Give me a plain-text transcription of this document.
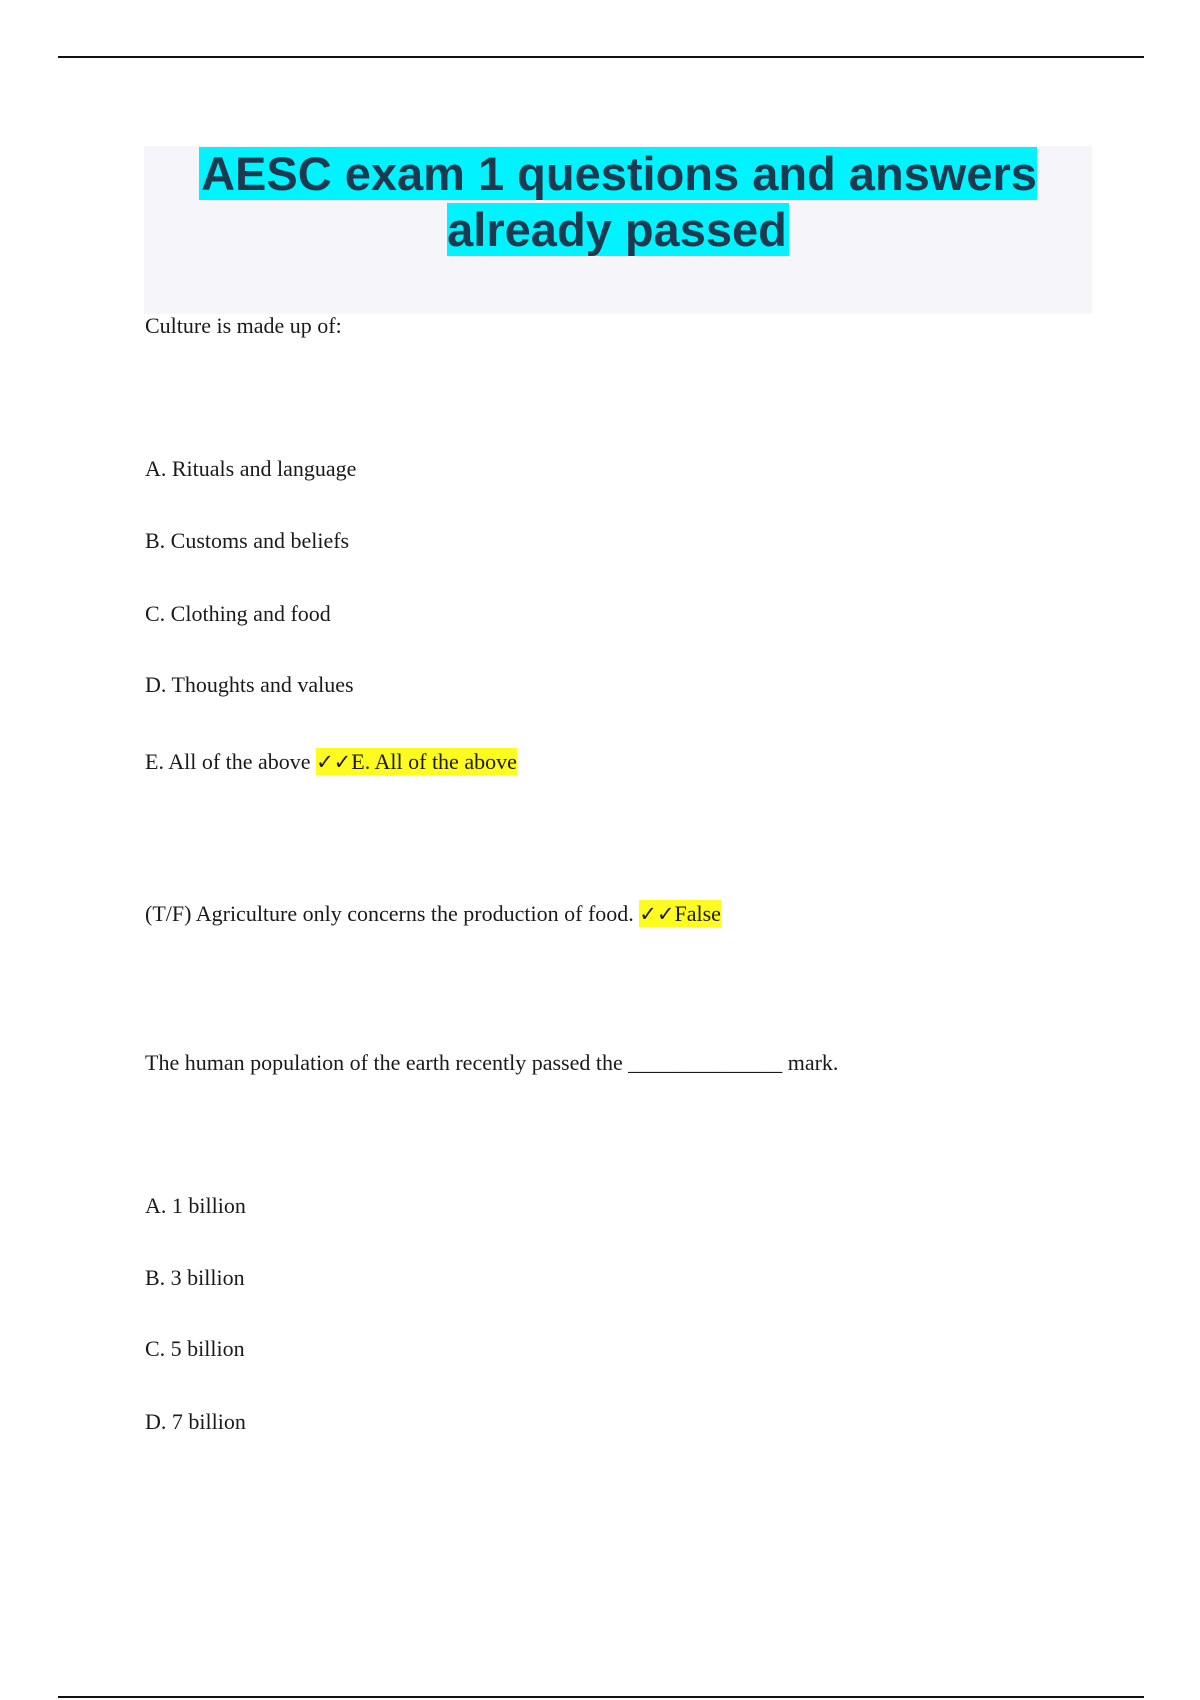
AESC exam 1 questions and answers already passed

Culture is made up of:

A. Rituals and language

B. Customs and beliefs

C. Clothing and food

D. Thoughts and values

E. All of the above ✓✓E. All of the above

(T/F) Agriculture only concerns the production of food. ✓✓False

The human population of the earth recently passed the ______________ mark.

A. 1 billion

B. 3 billion

C. 5 billion

D. 7 billion
